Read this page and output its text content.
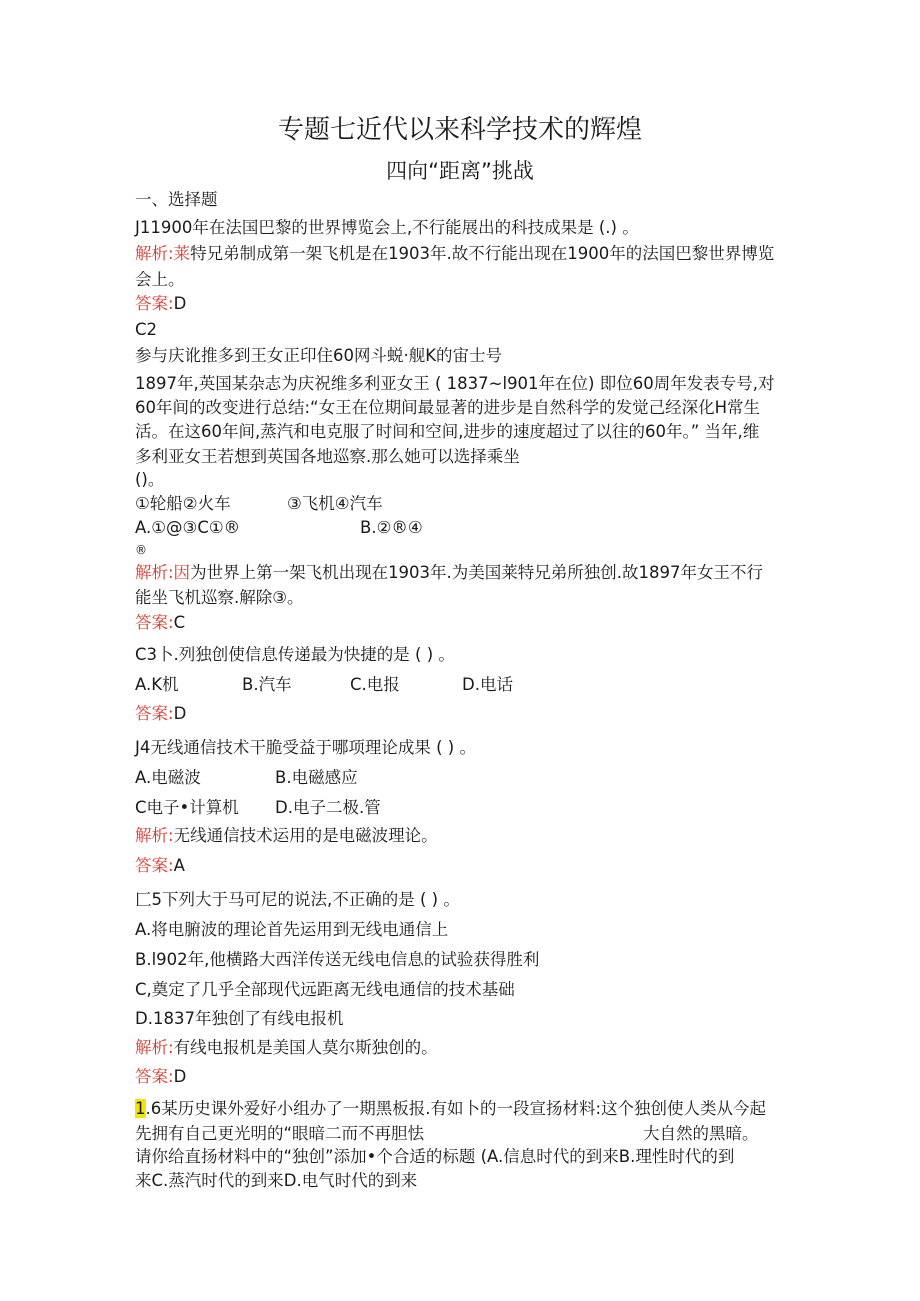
专题七近代以来科学技术的辉煌
四向“距离”挑战
一、选择题
J11900年在法国巴黎的世界博览会上,不行能展出的科技成果是 (.) 。
解析:莱特兄弟制成第一架飞机是在1903年.故不行能出现在1900年的法国巴黎世界博览
会上。
答案:D
C2
参与庆讹推多到王女正印住60网斗蜕·舰K的宙士号
1897年,英国某杂志为庆祝维多利亚女王 ( 1837~l901年在位) 即位60周年发表专号,对
60年间的改变进行总结:“女王在位期间最显著的进步是自然科学的发觉己经深化H常生
活。在这60年间,蒸汽和电克服了时间和空间,进步的速度超过了以往的60年。” 当年,维
多利亚女王若想到英国各地巡察.那么她可以选择乘坐
()。
①轮船②火车	③飞机④汽车
A.①@③C①®	B.②®④
®
解析:因为世界上第一架飞机出现在1903年.为美国莱特兄弟所独创.故1897年女王不行
能坐飞机巡察.解除③。
答案:C
C3卜.列独创使信息传递最为快捷的是 ( ) 。
A.K机	B.汽车	C.电报	D.电话
答案:D
J4无线通信技术干脆受益于哪项理论成果 ( ) 。
A.电磁波	B.电磁感应
C电子•计算机 D.电子二极.管
解析:无线通信技术运用的是电磁波理论。
答案:A
匚5下列大于马可尼的说法,不正确的是 ( ) 。
A.将电腑波的理论首先运用到无线电通信上
B.l902年,他横路大西洋传送无线电信息的试验获得胜利
C,奠定了几乎全部现代远距离无线电通信的技术基础
D.1837年独创了有线电报机
解析:有线电报机是美国人莫尔斯独创的。
答案:D
1.6某历史课外爱好小组办了一期黑板报.有如卜的一段宣扬材料:这个独创使人类从今起
先拥有自己更光明的“眼暗二而不再胆怯	大自然的黑暗。
请你给直扬材料中的“独创”添加•个合适的标题 (A.信息时代的到来B.理性时代的到
来C.蒸汽时代的到来D.电气时代的到来
